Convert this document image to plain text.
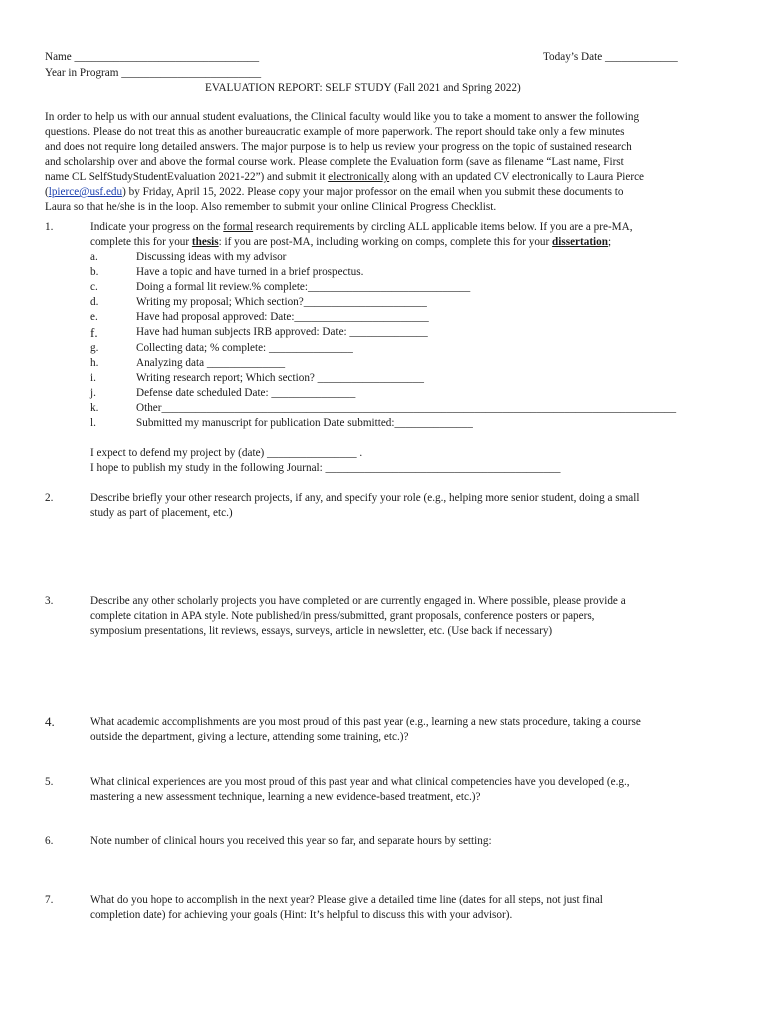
Name _________________________________	Today’s Date _____________
Year in Program _________________________
EVALUATION REPORT: SELF STUDY (Fall 2021 and Spring 2022)
In order to help us with our annual student evaluations, the Clinical faculty would like you to take a moment to answer the following
questions. Please do not treat this as another bureaucratic example of more paperwork. The report should take only a few minutes
and does not require long detailed answers. The major purpose is to help us review your progress on the topic of sustained research
and scholarship over and above the formal course work. Please complete the Evaluation form (save as filename “Last name, First
name CL SelfStudyStudentEvaluation 2021-22”) and submit it electronically along with an updated CV electronically to Laura Pierce
(lpierce@usf.edu) by Friday, April 15, 2022. Please copy your major professor on the email when you submit these documents to
Laura so that he/she is in the loop. Also remember to submit your online Clinical Progress Checklist.
1.	Indicate your progress on the formal research requirements by circling ALL applicable items below. If you are a pre-MA,
complete this for your thesis: if you are post-MA, including working on comps, complete this for your dissertation;
a.	Discussing ideas with my advisor
b.	Have a topic and have turned in a brief prospectus.
c.	Doing a formal lit review.% complete:_____________________________
d.	Writing my proposal; Which section?______________________
e.	Have had proposal approved: Date:________________________
f.	Have had human subjects IRB approved: Date: ______________
g.	Collecting data; % complete: _______________
h.	Analyzing data ______________
i.	Writing research report; Which section? ___________________
j.	Defense date scheduled Date: _______________
k.	Other____________________________________________________________________________________________
l.	Submitted my manuscript for publication Date submitted:______________
I expect to defend my project by (date) ________________ .
I hope to publish my study in the following Journal: __________________________________________
2.	Describe briefly your other research projects, if any, and specify your role (e.g., helping more senior student, doing a small
study as part of placement, etc.)
3.	Describe any other scholarly projects you have completed or are currently engaged in. Where possible, please provide a
complete citation in APA style. Note published/in press/submitted, grant proposals, conference posters or papers,
symposium presentations, lit reviews, essays, surveys, article in newsletter, etc. (Use back if necessary)
4.	What academic accomplishments are you most proud of this past year (e.g., learning a new stats procedure, taking a course
outside the department, giving a lecture, attending some training, etc.)?
5.	What clinical experiences are you most proud of this past year and what clinical competencies have you developed (e.g.,
mastering a new assessment technique, learning a new evidence-based treatment, etc.)?
6.	Note number of clinical hours you received this year so far, and separate hours by setting:
7.	What do you hope to accomplish in the next year? Please give a detailed time line (dates for all steps, not just final
completion date) for achieving your goals (Hint: It’s helpful to discuss this with your advisor).
